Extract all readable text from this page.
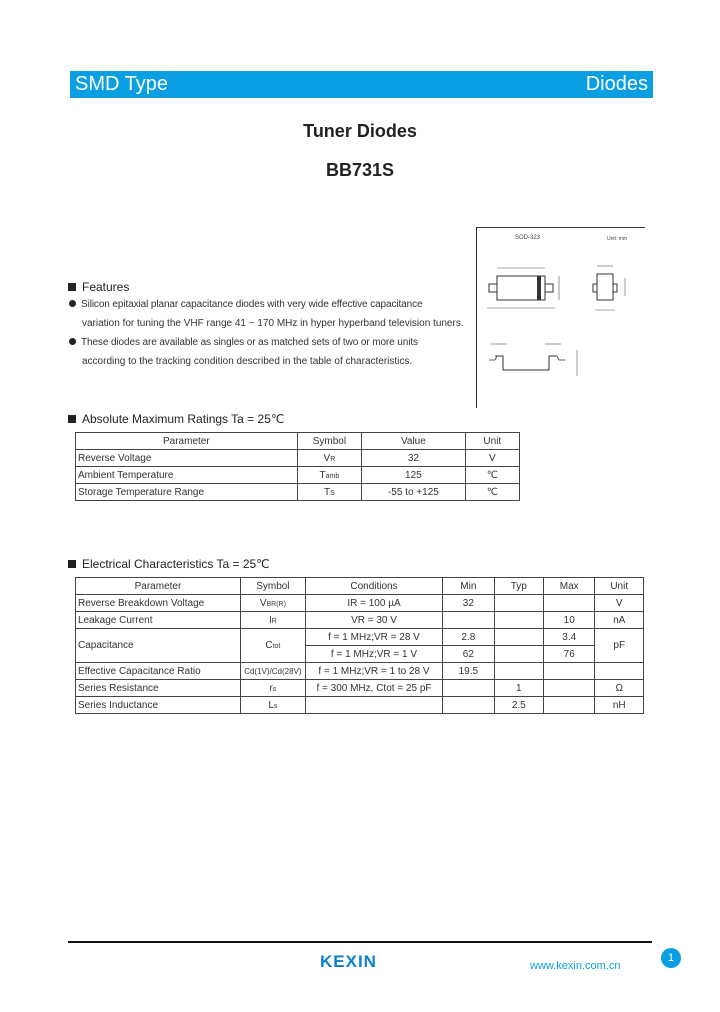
SMD Type	Diodes
Tuner Diodes
BB731S
SOD-323	Unit: mm
Features
Silicon epitaxial planar capacitance diodes with very wide effective capacitance
variation for tuning the VHF range 41 ~ 170 MHz in hyper hyperband television tuners.
These diodes are available as singles or as matched sets of two or more units
according to the tracking condition described in the table of characteristics.
Absolute Maximum Ratings Ta = 25℃
Parameter	Symbol	Value	Unit
Reverse Voltage	VR	32	V
Ambient Temperature	Tamb	125	℃
Storage Temperature Range	TS	-55 to +125	℃
Electrical Characteristics Ta = 25℃
Parameter	Symbol	Conditions	Min	Typ	Max	Unit
Reverse Breakdown Voltage	VBR(R)	IR = 100 µA	32			V
Leakage Current	IR	VR = 30 V			10	nA
Capacitance	Ctot	f = 1 MHz;VR = 28 V	2.8		3.4	pF
		f = 1 MHz;VR = 1 V	62		76	
Effective Capacitance Ratio	Cd(1V)/Cd(28V)	f = 1 MHz;VR = 1 to 28 V	19.5			
Series Resistance	rs	f = 300 MHz, Ctot = 25 pF		1		Ω
Series Inductance	Ls			2.5		nH
KEXIN	www.kexin.com.cn
1
